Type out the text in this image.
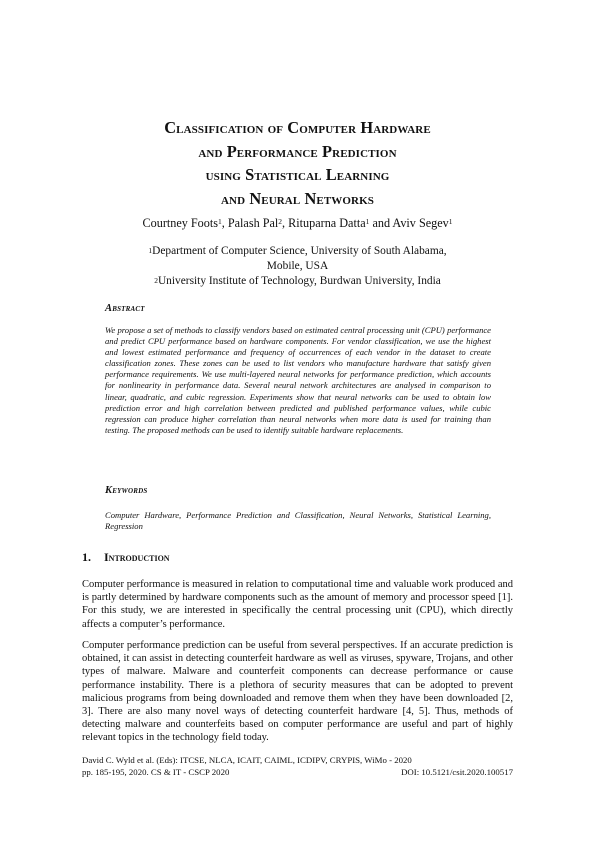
Classification of Computer Hardware
and Performance Prediction
using Statistical Learning
and Neural Networks
Courtney Foots$^1$, Palash Pal$^2$, Rituparna Datta$^1$ and Aviv Segev$^1$
$^1$Department of Computer Science, University of South Alabama,
Mobile, USA
$^2$University Institute of Technology, Burdwan University, India
Abstract
We propose a set of methods to classify vendors based on estimated central processing unit (CPU) performance and predict CPU performance based on hardware components. For vendor classification, we use the highest and lowest estimated performance and frequency of occurrences of each vendor in the dataset to create classification zones. These zones can be used to list vendors who manufacture hardware that satisfy given performance requirements. We use multi-layered neural networks for performance prediction, which accounts for nonlinearity in performance data. Several neural network architectures are analysed in comparison to linear, quadratic, and cubic regression. Experiments show that neural networks can be used to obtain low prediction error and high correlation between predicted and published performance values, while cubic regression can produce higher correlation than neural networks when more data is used for training than testing. The proposed methods can be used to identify suitable hardware replacements.
Keywords
Computer Hardware, Performance Prediction and Classification, Neural Networks, Statistical Learning, Regression
1. Introduction
Computer performance is measured in relation to computational time and valuable work produced and is partly determined by hardware components such as the amount of memory and processor speed [1]. For this study, we are interested in specifically the central processing unit (CPU), which directly affects a computer’s performance.
Computer performance prediction can be useful from several perspectives. If an accurate prediction is obtained, it can assist in detecting counterfeit hardware as well as viruses, spyware, Trojans, and other types of malware. Malware and counterfeit components can decrease performance or cause performance instability. There is a plethora of security measures that can be adopted to prevent malicious programs from being downloaded and remove them when they have been downloaded [2, 3]. There are also many novel ways of detecting counterfeit hardware [4, 5]. Thus, methods of detecting malware and counterfeits based on computer performance are useful and part of highly relevant topics in the technology field today.
David C. Wyld et al. (Eds): ITCSE, NLCA, ICAIT, CAIML, ICDIPV, CRYPIS, WiMo - 2020
pp. 185-195, 2020. CS & IT - CSCP 2020	DOI: 10.5121/csit.2020.100517
